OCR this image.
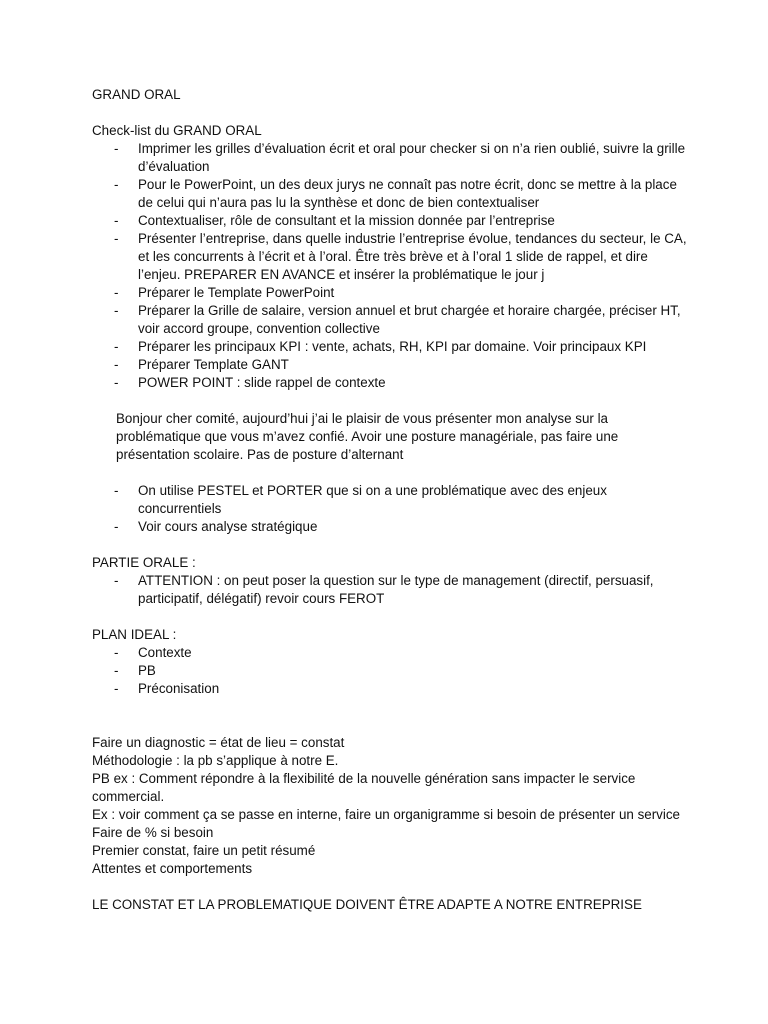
GRAND ORAL

Check-list du GRAND ORAL

- Imprimer les grilles d’évaluation écrit et oral pour checker si on n’a rien oublié, suivre la grille d’évaluation
- Pour le PowerPoint, un des deux jurys ne connaît pas notre écrit, donc se mettre à la place de celui qui n’aura pas lu la synthèse et donc de bien contextualiser
- Contextualiser, rôle de consultant et la mission donnée par l’entreprise
- Présenter l’entreprise, dans quelle industrie l’entreprise évolue, tendances du secteur, le CA, et les concurrents à l’écrit et à l’oral. Être très brève et à l’oral 1 slide de rappel, et dire l’enjeu. PREPARER EN AVANCE et insérer la problématique le jour j
- Préparer le Template PowerPoint
- Préparer la Grille de salaire, version annuel et brut chargée et horaire chargée, préciser HT, voir accord groupe, convention collective
- Préparer les principaux KPI : vente, achats, RH, KPI par domaine. Voir principaux KPI
- Préparer Template GANT
- POWER POINT : slide rappel de contexte

Bonjour cher comité, aujourd’hui j’ai le plaisir de vous présenter mon analyse sur la problématique que vous m’avez confié. Avoir une posture managériale, pas faire une présentation scolaire. Pas de posture d’alternant

- On utilise PESTEL et PORTER que si on a une problématique avec des enjeux concurrentiels
- Voir cours analyse stratégique

PARTIE ORALE :

- ATTENTION : on peut poser la question sur le type de management (directif, persuasif, participatif, délégatif) revoir cours FEROT

PLAN IDEAL :

- Contexte
- PB
- Préconisation

Faire un diagnostic = état de lieu = constat

Méthodologie : la pb s’applique à notre E.

PB ex : Comment répondre à la flexibilité de la nouvelle génération sans impacter le service commercial.

Ex : voir comment ça se passe en interne, faire un organigramme si besoin de présenter un service

Faire de % si besoin

Premier constat, faire un petit résumé

Attentes et comportements

LE CONSTAT ET LA PROBLEMATIQUE DOIVENT ÊTRE ADAPTE A NOTRE ENTREPRISE
